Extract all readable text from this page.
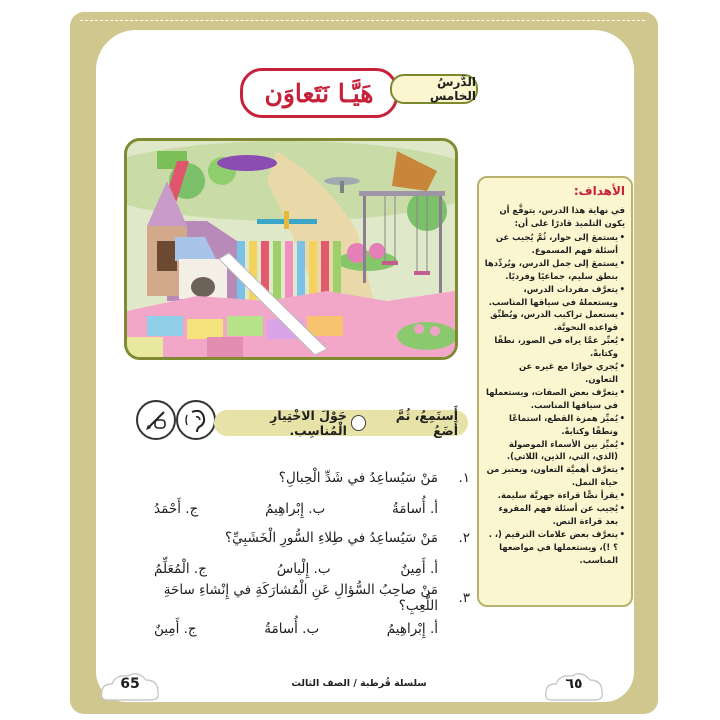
هَيَّـا نَتَعاوَن	الدَّرسُ الخامس
الأهداف:
في نهاية هذا الدرس، يتوقَّع أن يكون التلميذ قادرًا على أن:
• يستمعَ إلى حوار، ثُمَّ يُجيب عن أسئلة فهم المسموع.
• يستمعَ إلى جمل الدرس، ويُردِّدها بنطق سليم، جماعيًا وفرديًا.
• يتعرَّف مفردات الدرس، ويستعملهُ في سياقها المناسب.
• يستعمل تراكيب الدرس، ويُطبِّق قواعده النحويَّة.
• يُعبِّر عمَّا يراه في الصور، نطقًا وكتابةً.
• يُجري حوارًا مع غيره عن التعاون.
• يتعرَّف بعض الصفات، ويستعملها في سياقها المناسب.
• يُميِّز همزة القطع، استماعًا ونطقًا وكتابةً.
• يُميِّز بين الأسماء الموصولة (الذي، التي، الذين، اللاتي).
• يتعرَّف أهميَّة التعاون، ويعتبر من حياة النمل.
• يقرأ نصًّا قراءة جهريَّة سليمة.
• يُجيب عن أسئلة فهم المقروء بعد قراءة النص.
• يتعرَّف بعض علامات الترقيم (، . ؟ !)، ويستعملها في مواضعها المناسب.
أَستَمِعُ، ثُمَّ أَضَعُ
حَوْلَ الاخْتِيارِ الْمُناسِب.
١.
مَنْ سَيُساعِدُ في شَدِّ الْحِبالِ؟
أ. أُسامَةُ
ب. إِبْراهِيمُ
ج. أَحْمَدُ
٢.
مَنْ سَيُساعِدُ في طِلاءِ السُّورِ الْخَشَبِيِّ؟
أ. أَمِينٌ
ب. إِلْياسُ
ج. الْمُعَلِّمُ
٣.
مَنْ صاحِبُ السُّؤالِ عَنِ الْمُشارَكَةِ في إِنْشاءِ ساحَةِ اللَّعِبِ؟
أ. إِبْراهِيمُ
ب. أُسامَةُ
ج. أَمِينٌ
65	سلسلة قُرطبة / الصف الثالث	٦٥
